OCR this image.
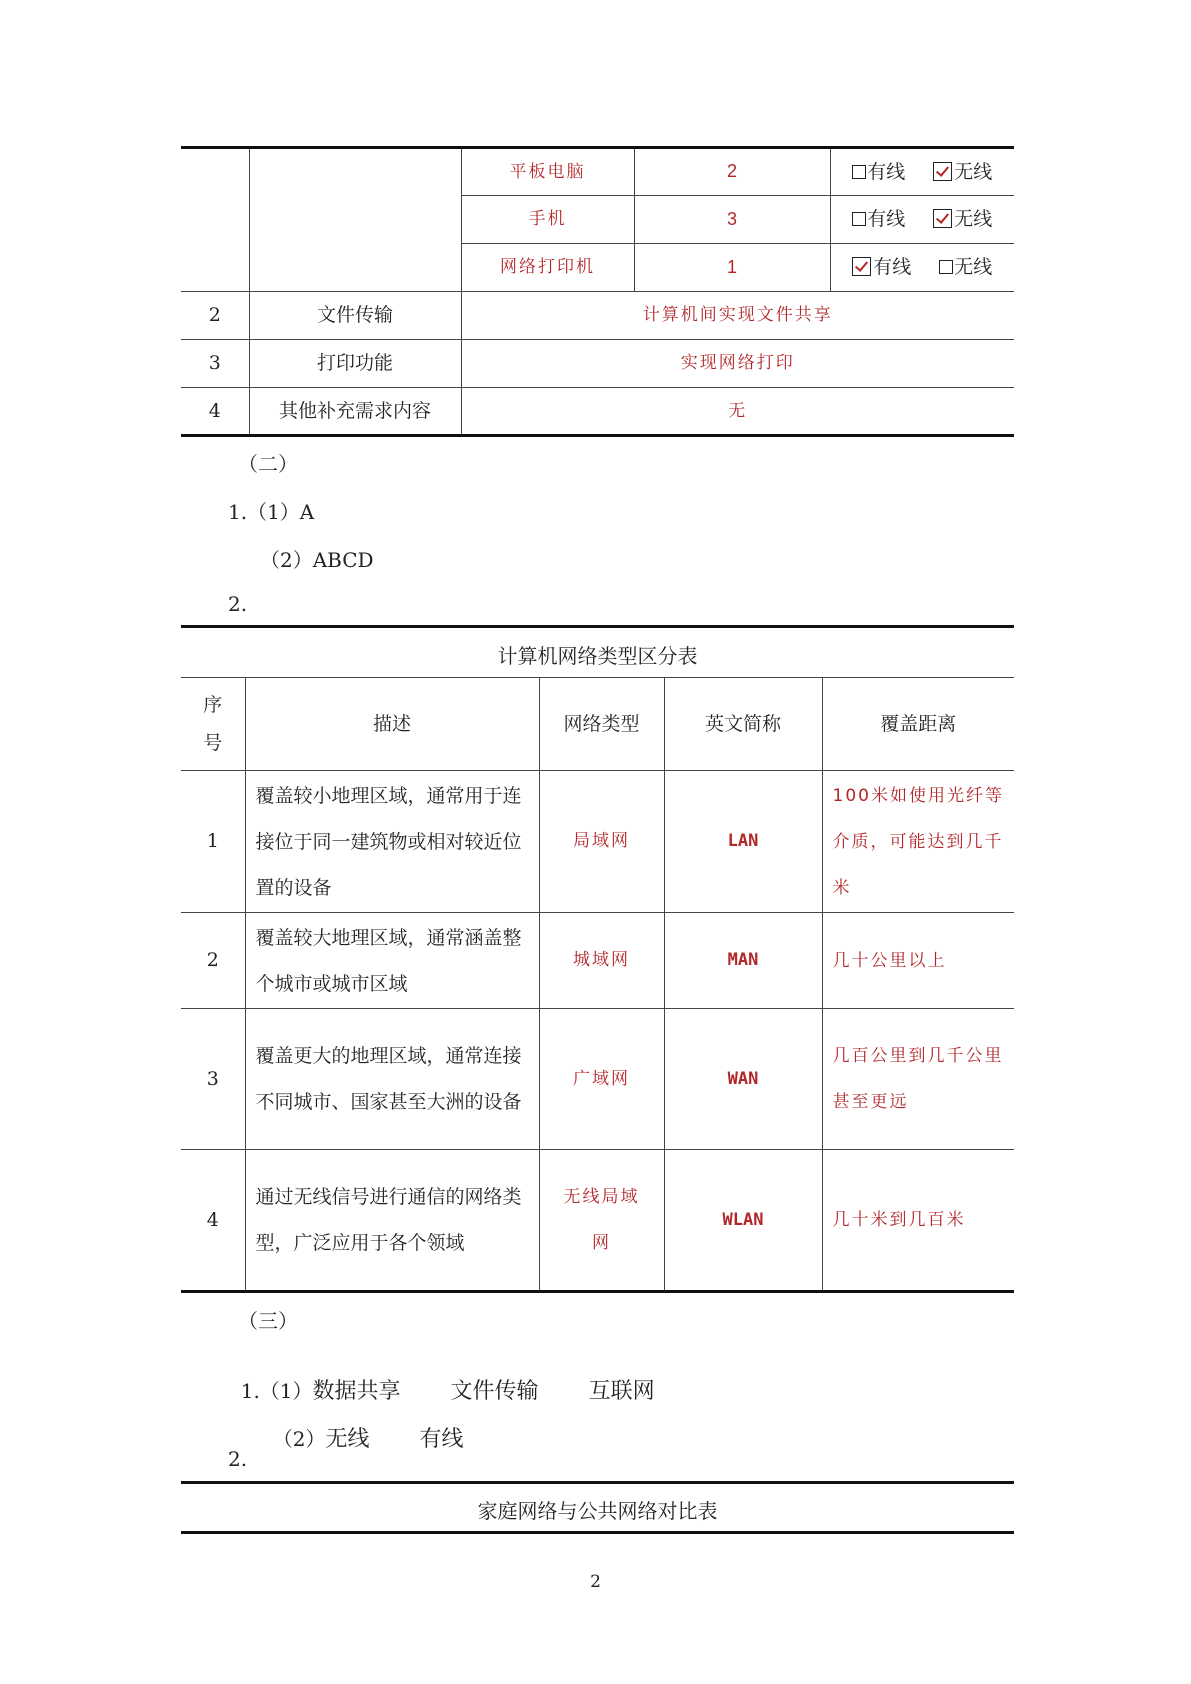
		平板电脑	2	有线 无线
		手机	3	有线 无线
		网络打印机	1	有线 无线
2	文件传输	计算机间实现文件共享		
3	打印功能	实现网络打印		
4	其他补充需求内容	无		
（二）
1.（1）A
（2）ABCD
2.
计算机网络类型区分表
序号	描述	网络类型	英文简称	覆盖距离
1	覆盖较小地理区域，通常用于连接位于同一建筑物或相对较近位置的设备	局域网	LAN	100米如使用光纤等介质，可能达到几千米
2	覆盖较大地理区域，通常涵盖整个城市或城市区域	城域网	MAN	几十公里以上
3	覆盖更大的地理区域，通常连接不同城市、国家甚至大洲的设备	广域网	WAN	几百公里到几千公里甚至更远
4	通过无线信号进行通信的网络类型，广泛应用于各个领域	无线局域网	WLAN	几十米到几百米
（三）

1.（1）数据共享 文件传输 互联网

（2）无线 有线

2.
家庭网络与公共网络对比表
2
